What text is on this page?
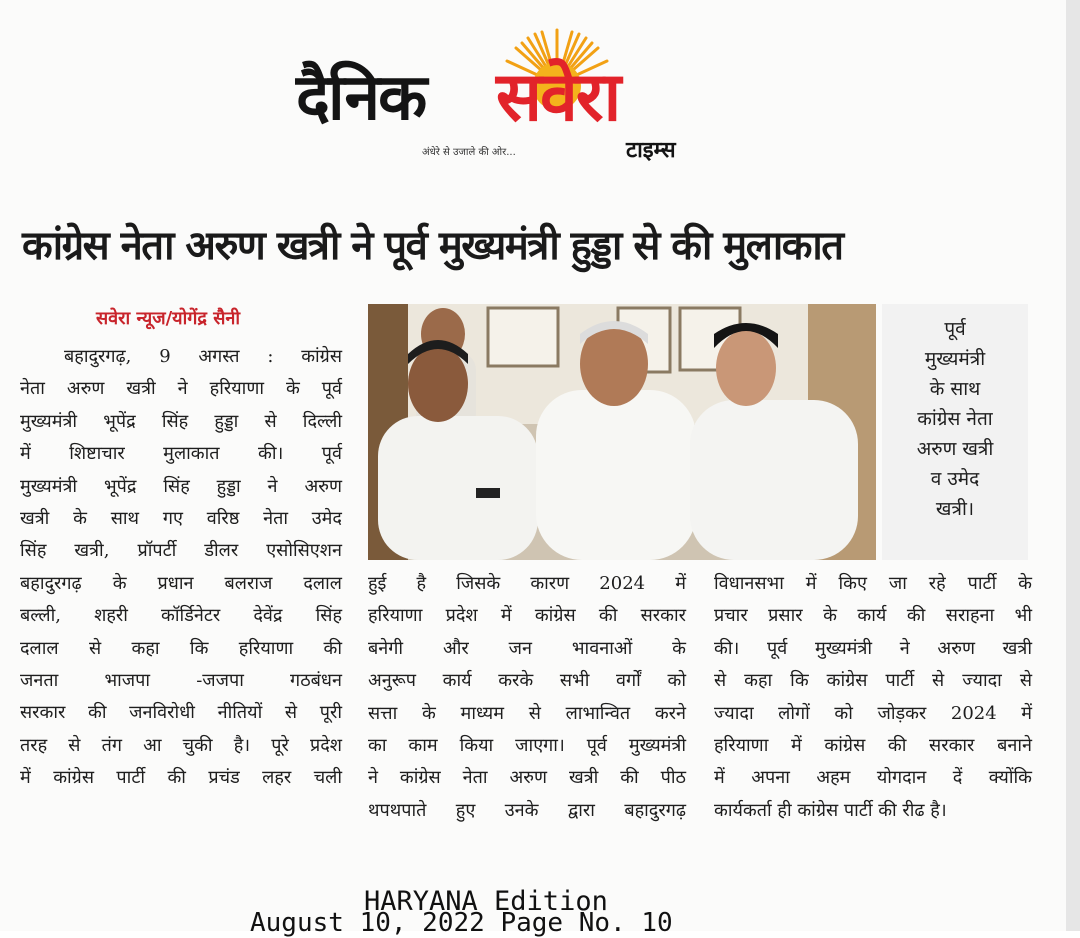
दैनिक सवेरा
अंधेरे से उजाले की ओर...	टाइम्स
कांग्रेस नेता अरुण खत्री ने पूर्व मुख्यमंत्री हुड्डा से की मुलाकात
सवेरा न्यूज/योगेंद्र सैनी
बहादुरगढ़, 9 अगस्त : कांग्रेस
नेता अरुण खत्री ने हरियाणा के पूर्व
मुख्यमंत्री भूपेंद्र सिंह हुड्डा से दिल्ली
में शिष्टाचार मुलाकात की। पूर्व
मुख्यमंत्री भूपेंद्र सिंह हुड्डा ने अरुण
खत्री के साथ गए वरिष्ठ नेता उमेद
सिंह खत्री, प्रॉपर्टी डीलर एसोसिएशन
बहादुरगढ़ के प्रधान बलराज दलाल
बल्ली, शहरी कॉर्डिनेटर देवेंद्र सिंह
दलाल से कहा कि हरियाणा की
जनता भाजपा -जजपा गठबंधन
सरकार की जनविरोधी नीतियों से पूरी
तरह से तंग आ चुकी है। पूरे प्रदेश
में कांग्रेस पार्टी की प्रचंड लहर चली
पूर्व
मुख्यमंत्री
के साथ
कांग्रेस नेता
अरुण खत्री
व उमेद
खत्री।
हुई है जिसके कारण 2024 में
हरियाणा प्रदेश में कांग्रेस की सरकार
बनेगी और जन भावनाओं के
अनुरूप कार्य करके सभी वर्गों को
सत्ता के माध्यम से लाभान्वित करने
का काम किया जाएगा। पूर्व मुख्यमंत्री
ने कांग्रेस नेता अरुण खत्री की पीठ
थपथपाते हुए उनके द्वारा बहादुरगढ़
विधानसभा में किए जा रहे पार्टी के
प्रचार प्रसार के कार्य की सराहना भी
की। पूर्व मुख्यमंत्री ने अरुण खत्री
से कहा कि कांग्रेस पार्टी से ज्यादा से
ज्यादा लोगों को जोड़कर 2024 में
हरियाणा में कांग्रेस की सरकार बनाने
में अपना अहम योगदान दें क्योंकि
कार्यकर्ता ही कांग्रेस पार्टी की रीढ है।
HARYANA Edition
August 10, 2022 Page No. 10
